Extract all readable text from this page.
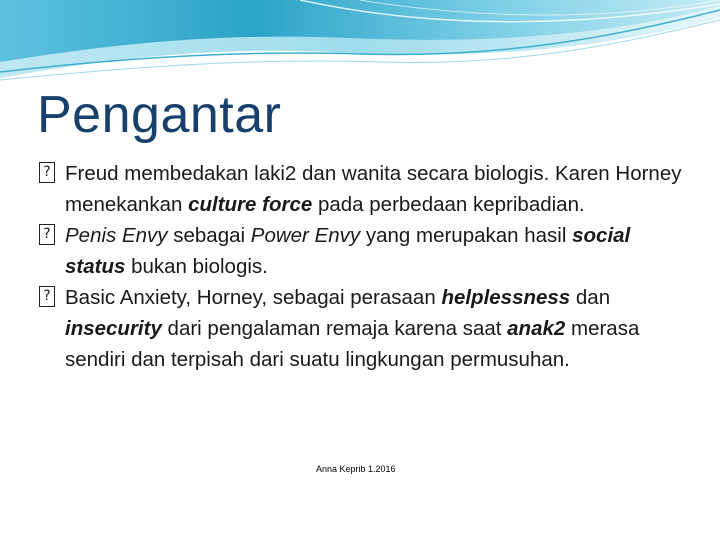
Pengantar
? Freud membedakan laki2 dan wanita secara biologis. Karen Horney menekankan culture force pada perbedaan kepribadian.
? Penis Envy sebagai Power Envy yang merupakan hasil social status bukan biologis.
? Basic Anxiety, Horney, sebagai perasaan helplessness dan insecurity dari pengalaman remaja karena saat anak2 merasa sendiri dan terpisah dari suatu lingkungan permusuhan.
Anna Keprib 1.2016
